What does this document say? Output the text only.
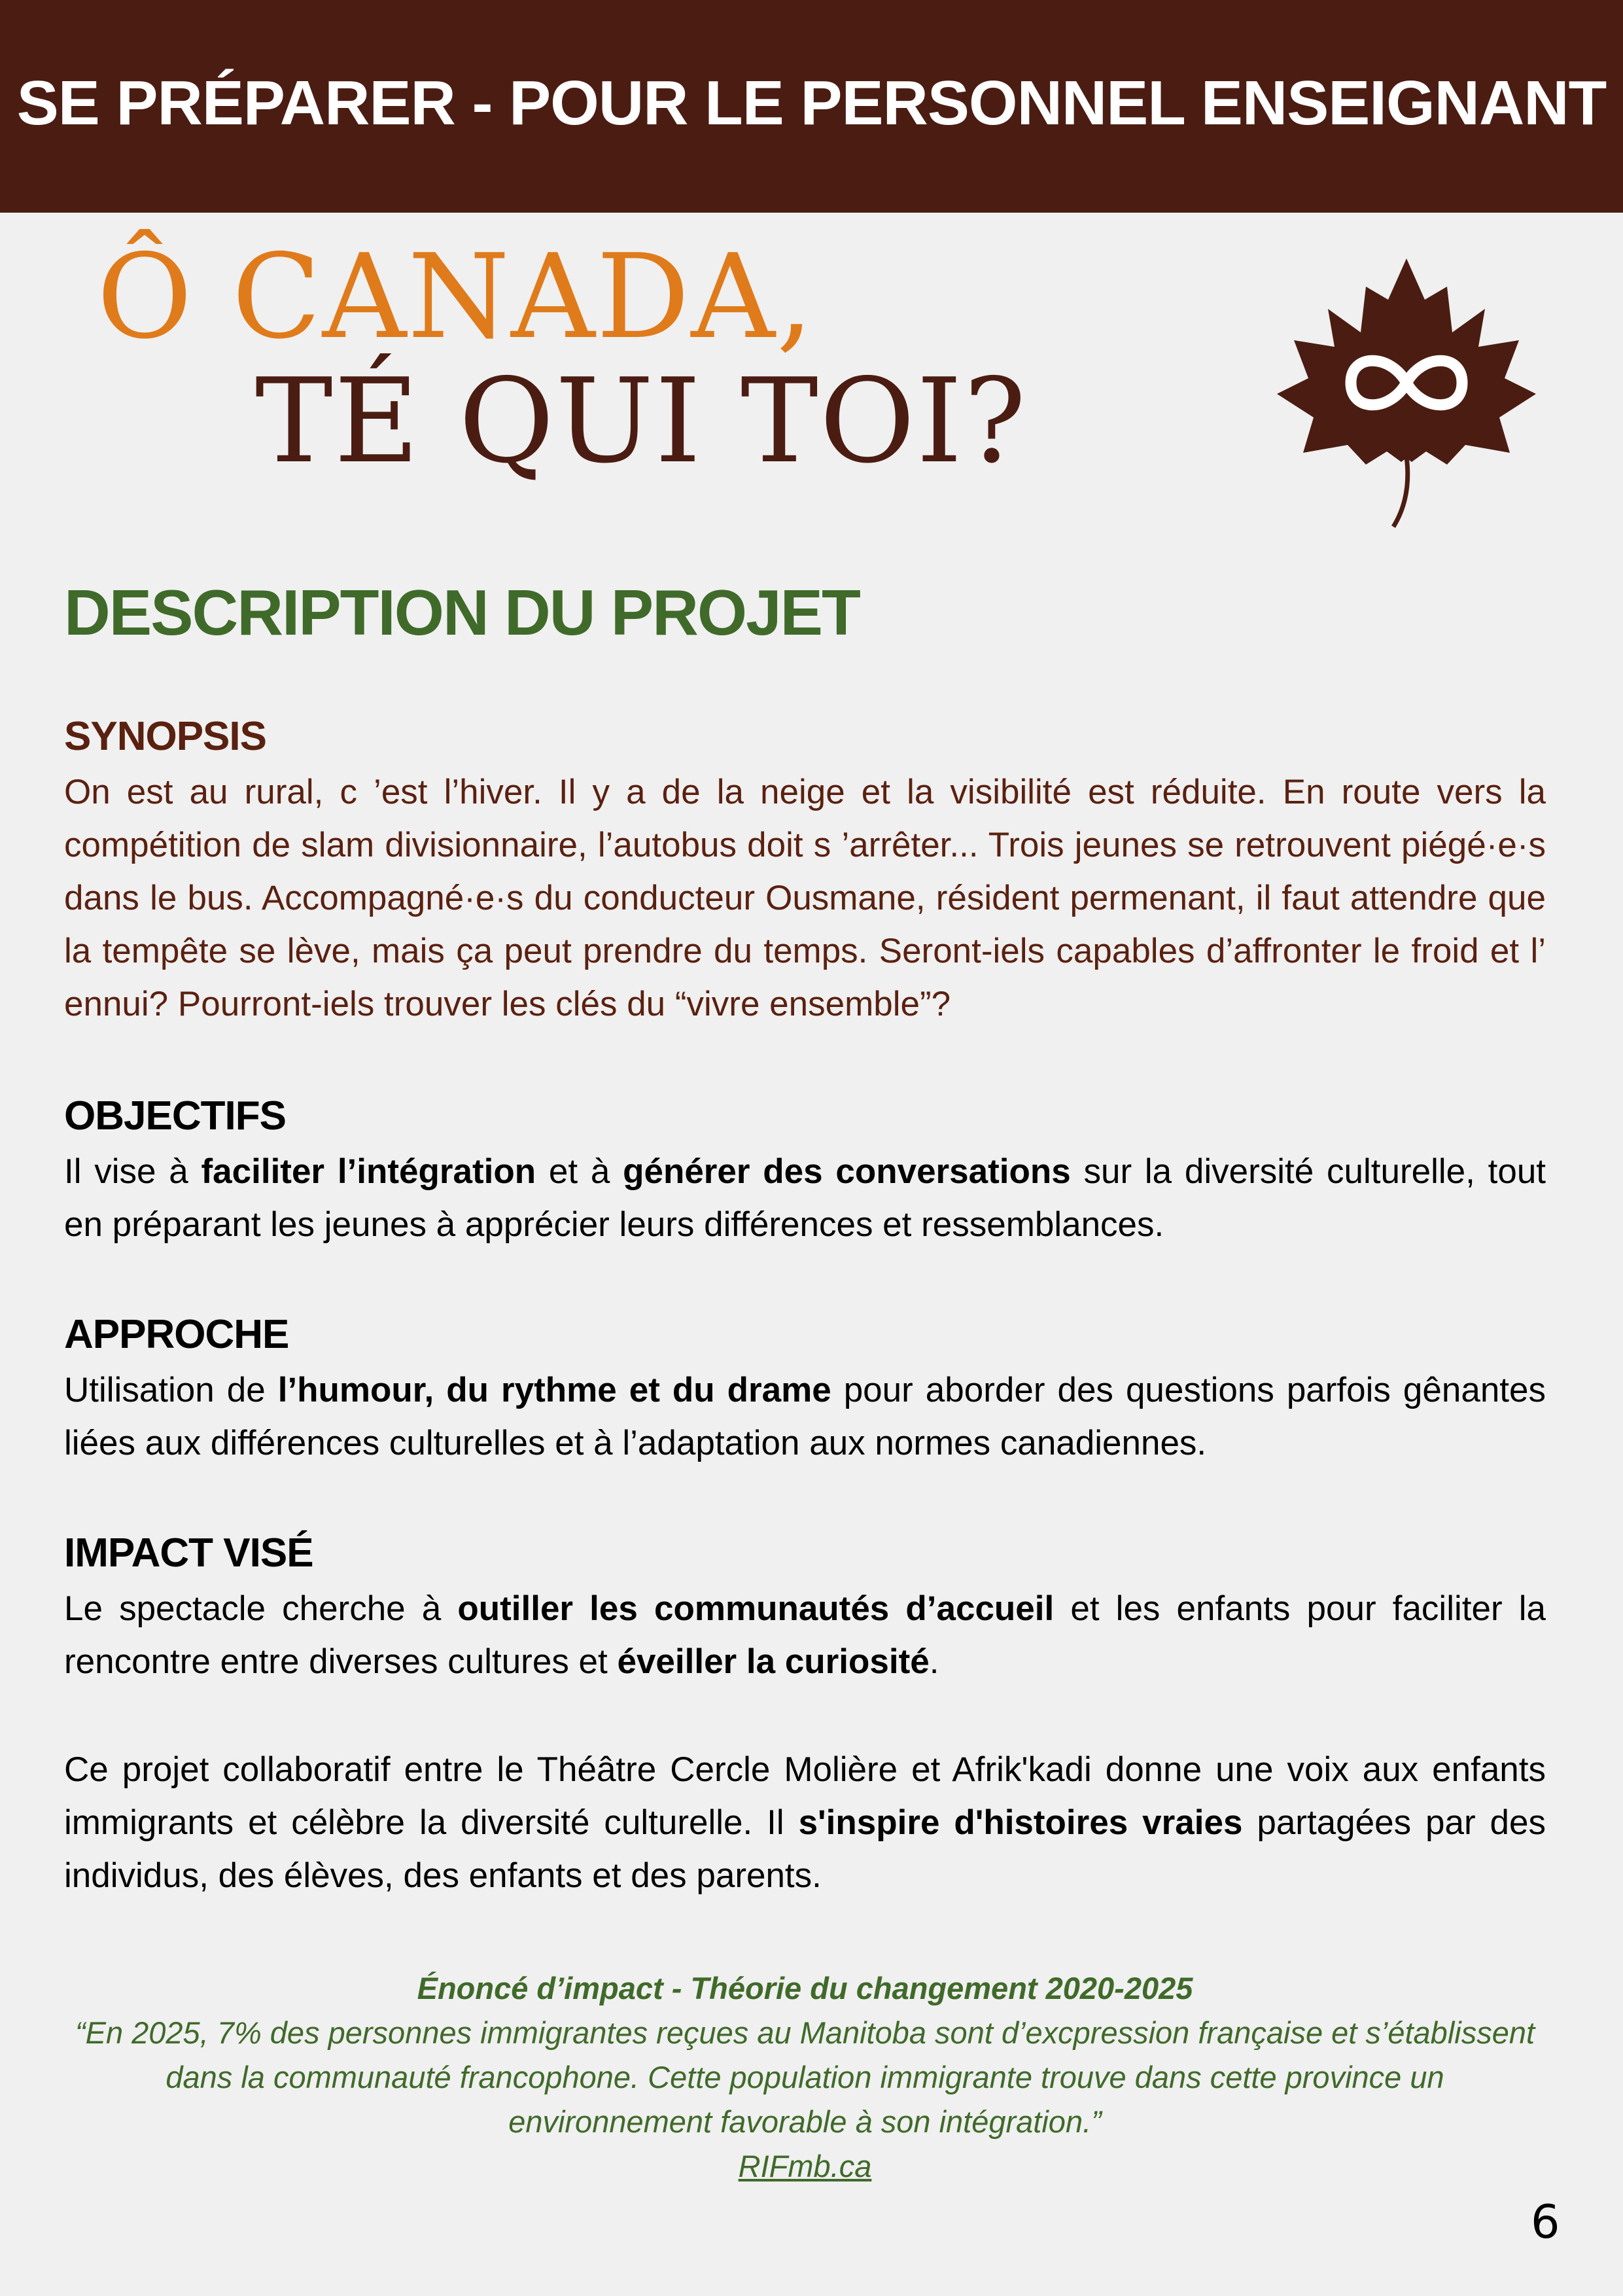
SE PRÉPARER - POUR LE PERSONNEL ENSEIGNANT
Ô CANADA,
TÉ QUI TOI?
DESCRIPTION DU PROJET
SYNOPSIS

On est au rural, c ’est l’hiver. Il y a de la neige et la visibilité est réduite. En route vers la compétition de slam divisionnaire, l’autobus doit s ’arrêter... Trois jeunes se retrouvent piégé·e·s dans le bus. Accompagné·e·s du conducteur Ousmane, résident permenant, il faut attendre que la tempête se lève, mais ça peut prendre du temps. Seront-iels capables d’affronter le froid et l’ ennui? Pourront-iels trouver les clés du “vivre ensemble”?

OBJECTIFS

Il vise à faciliter l’intégration et à générer des conversations sur la diversité culturelle, tout en préparant les jeunes à apprécier leurs différences et ressemblances.

APPROCHE

Utilisation de l’humour, du rythme et du drame pour aborder des questions parfois gênantes liées aux différences culturelles et à l’adaptation aux normes canadiennes.

IMPACT VISÉ

Le spectacle cherche à outiller les communautés d’accueil et les enfants pour faciliter la rencontre entre diverses cultures et éveiller la curiosité.

Ce projet collaboratif entre le Théâtre Cercle Molière et Afrik'kadi donne une voix aux enfants immigrants et célèbre la diversité culturelle. Il s'inspire d'histoires vraies partagées par des individus, des élèves, des enfants et des parents.

Énoncé d’impact - Théorie du changement 2020-2025
“En 2025, 7% des personnes immigrantes reçues au Manitoba sont d’excpression française et s’établissent dans la communauté francophone. Cette population immigrante trouve dans cette province un environnement favorable à son intégration.”
RIFmb.ca
6
